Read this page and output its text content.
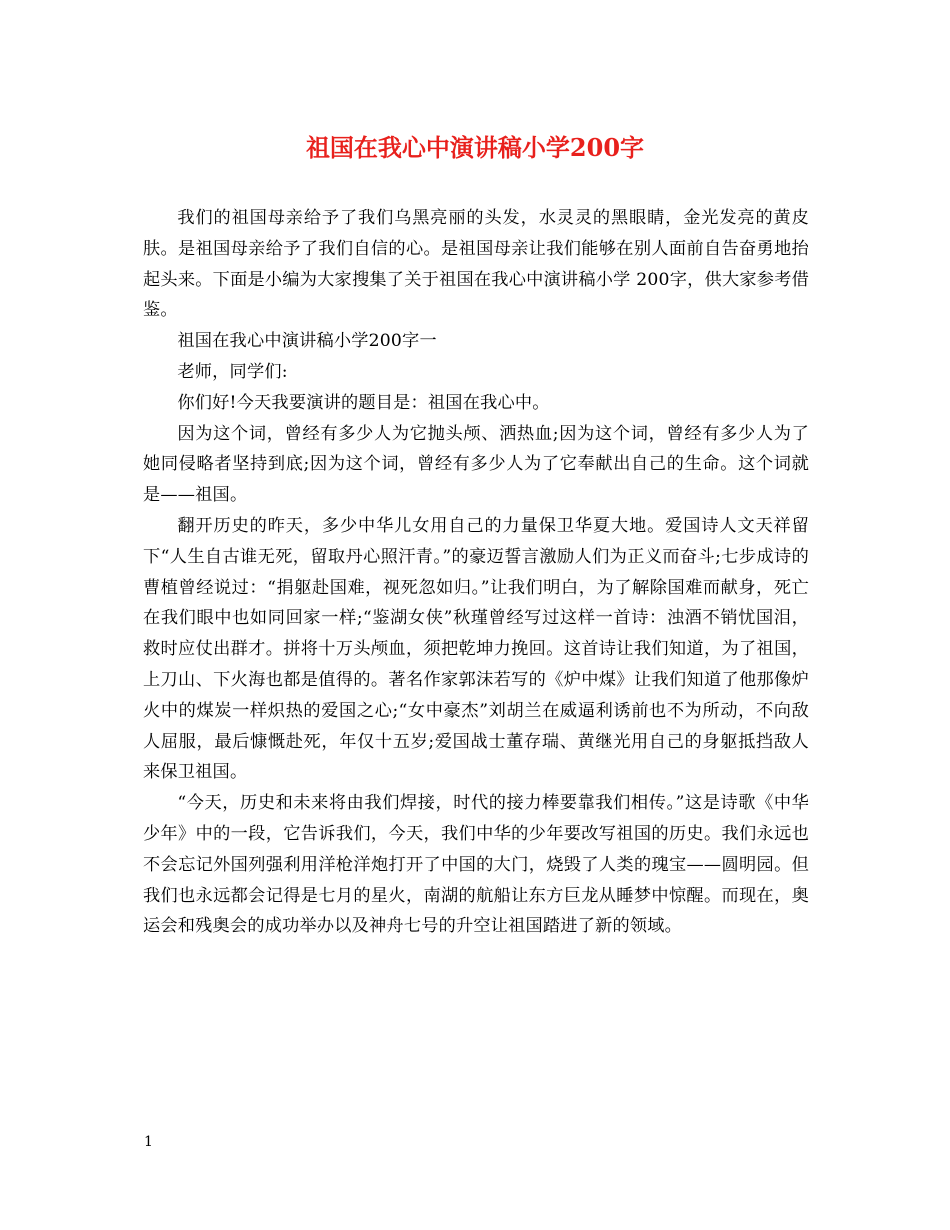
祖国在我心中演讲稿小学200字

我们的祖国母亲给予了我们乌黑亮丽的头发，水灵灵的黑眼睛，金光发亮的黄皮肤。是祖国母亲给予了我们自信的心。是祖国母亲让我们能够在别人面前自告奋勇地抬起头来。下面是小编为大家搜集了关于祖国在我心中演讲稿小学 200字，供大家参考借鉴。

祖国在我心中演讲稿小学200字一

老师，同学们:

你们好!今天我要演讲的题目是：祖国在我心中。

因为这个词，曾经有多少人为它抛头颅、洒热血;因为这个词，曾经有多少人为了她同侵略者坚持到底;因为这个词，曾经有多少人为了它奉献出自己的生命。这个词就是——祖国。

翻开历史的昨天，多少中华儿女用自己的力量保卫华夏大地。爱国诗人文天祥留下“人生自古谁无死，留取丹心照汗青。”的豪迈誓言激励人们为正义而奋斗;七步成诗的曹植曾经说过：“捐躯赴国难，视死忽如归。”让我们明白，为了解除国难而献身，死亡在我们眼中也如同回家一样;“鉴湖女侠”秋瑾曾经写过这样一首诗：浊酒不销忧国泪，救时应仗出群才。拼将十万头颅血，须把乾坤力挽回。这首诗让我们知道，为了祖国，上刀山、下火海也都是值得的。著名作家郭沫若写的《炉中煤》让我们知道了他那像炉火中的煤炭一样炽热的爱国之心;“女中豪杰”刘胡兰在威逼利诱前也不为所动，不向敌人屈服，最后慷慨赴死，年仅十五岁;爱国战士董存瑞、黄继光用自己的身躯抵挡敌人来保卫祖国。

“今天，历史和未来将由我们焊接，时代的接力棒要靠我们相传。”这是诗歌《中华少年》中的一段，它告诉我们，今天，我们中华的少年要改写祖国的历史。我们永远也不会忘记外国列强利用洋枪洋炮打开了中国的大门，烧毁了人类的瑰宝——圆明园。但我们也永远都会记得是七月的星火，南湖的航船让东方巨龙从睡梦中惊醒。而现在，奥运会和残奥会的成功举办以及神舟七号的升空让祖国踏进了新的领域。

1
